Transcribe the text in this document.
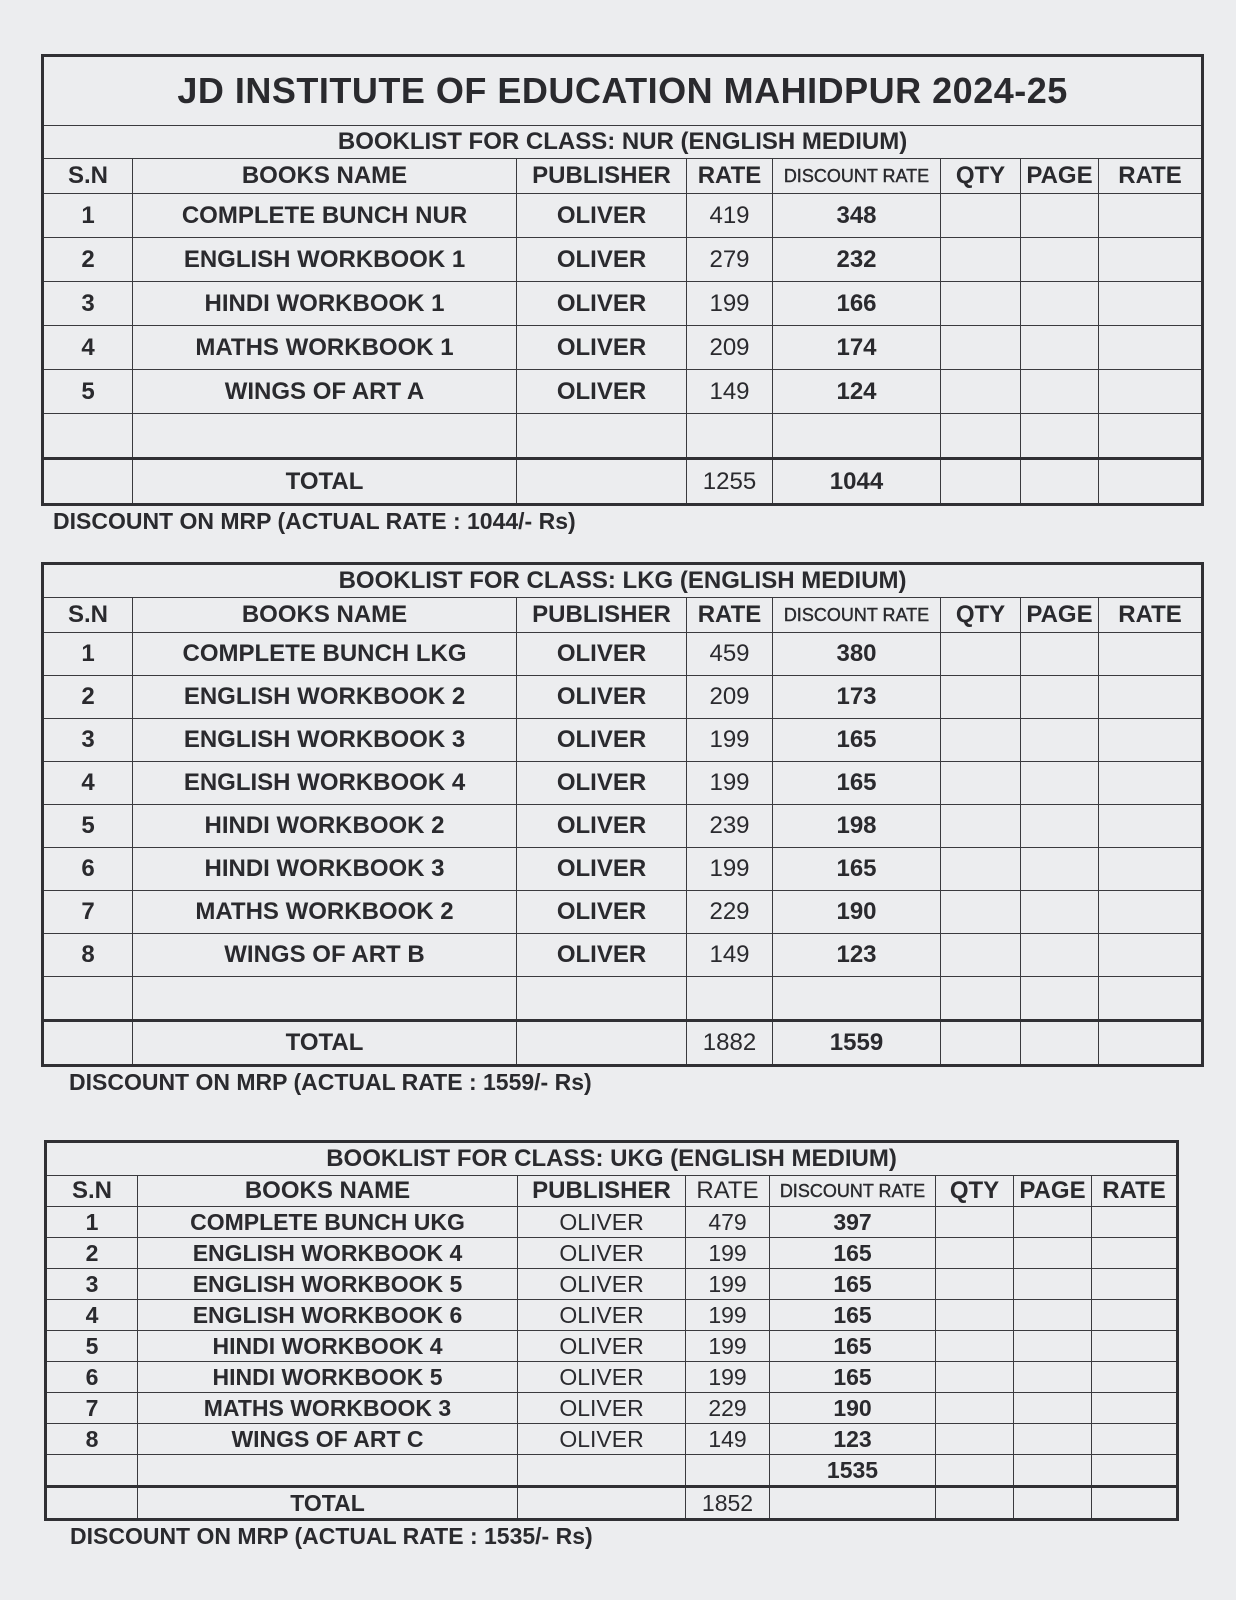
JD INSTITUTE OF EDUCATION MAHIDPUR 2024-25							
BOOKLIST FOR CLASS: NUR (ENGLISH MEDIUM)							
S.N	BOOKS NAME	PUBLISHER	RATE	DISCOUNT RATE	QTY	PAGE	RATE
1	COMPLETE BUNCH NUR	OLIVER	419	348			
2	ENGLISH WORKBOOK 1	OLIVER	279	232			
3	HINDI WORKBOOK 1	OLIVER	199	166			
4	MATHS WORKBOOK 1	OLIVER	209	174			
5	WINGS OF ART A	OLIVER	149	124			

	TOTAL		1255	1044			
DISCOUNT ON MRP (ACTUAL RATE : 1044/- Rs)
BOOKLIST FOR CLASS: LKG (ENGLISH MEDIUM)							
S.N	BOOKS NAME	PUBLISHER	RATE	DISCOUNT RATE	QTY	PAGE	RATE
1	COMPLETE BUNCH LKG	OLIVER	459	380			
2	ENGLISH WORKBOOK 2	OLIVER	209	173			
3	ENGLISH WORKBOOK 3	OLIVER	199	165			
4	ENGLISH WORKBOOK 4	OLIVER	199	165			
5	HINDI WORKBOOK 2	OLIVER	239	198			
6	HINDI WORKBOOK 3	OLIVER	199	165			
7	MATHS WORKBOOK 2	OLIVER	229	190			
8	WINGS OF ART B	OLIVER	149	123			

	TOTAL		1882	1559			
DISCOUNT ON MRP (ACTUAL RATE : 1559/- Rs)
BOOKLIST FOR CLASS: UKG (ENGLISH MEDIUM)							
S.N	BOOKS NAME	PUBLISHER	RATE	DISCOUNT RATE	QTY	PAGE	RATE
1	COMPLETE BUNCH UKG	OLIVER	479	397			
2	ENGLISH WORKBOOK 4	OLIVER	199	165			
3	ENGLISH WORKBOOK 5	OLIVER	199	165			
4	ENGLISH WORKBOOK 6	OLIVER	199	165			
5	HINDI WORKBOOK 4	OLIVER	199	165			
6	HINDI WORKBOOK 5	OLIVER	199	165			
7	MATHS WORKBOOK 3	OLIVER	229	190			
8	WINGS OF ART C	OLIVER	149	123			
				1535			
	TOTAL		1852				
DISCOUNT ON MRP (ACTUAL RATE : 1535/- Rs)
